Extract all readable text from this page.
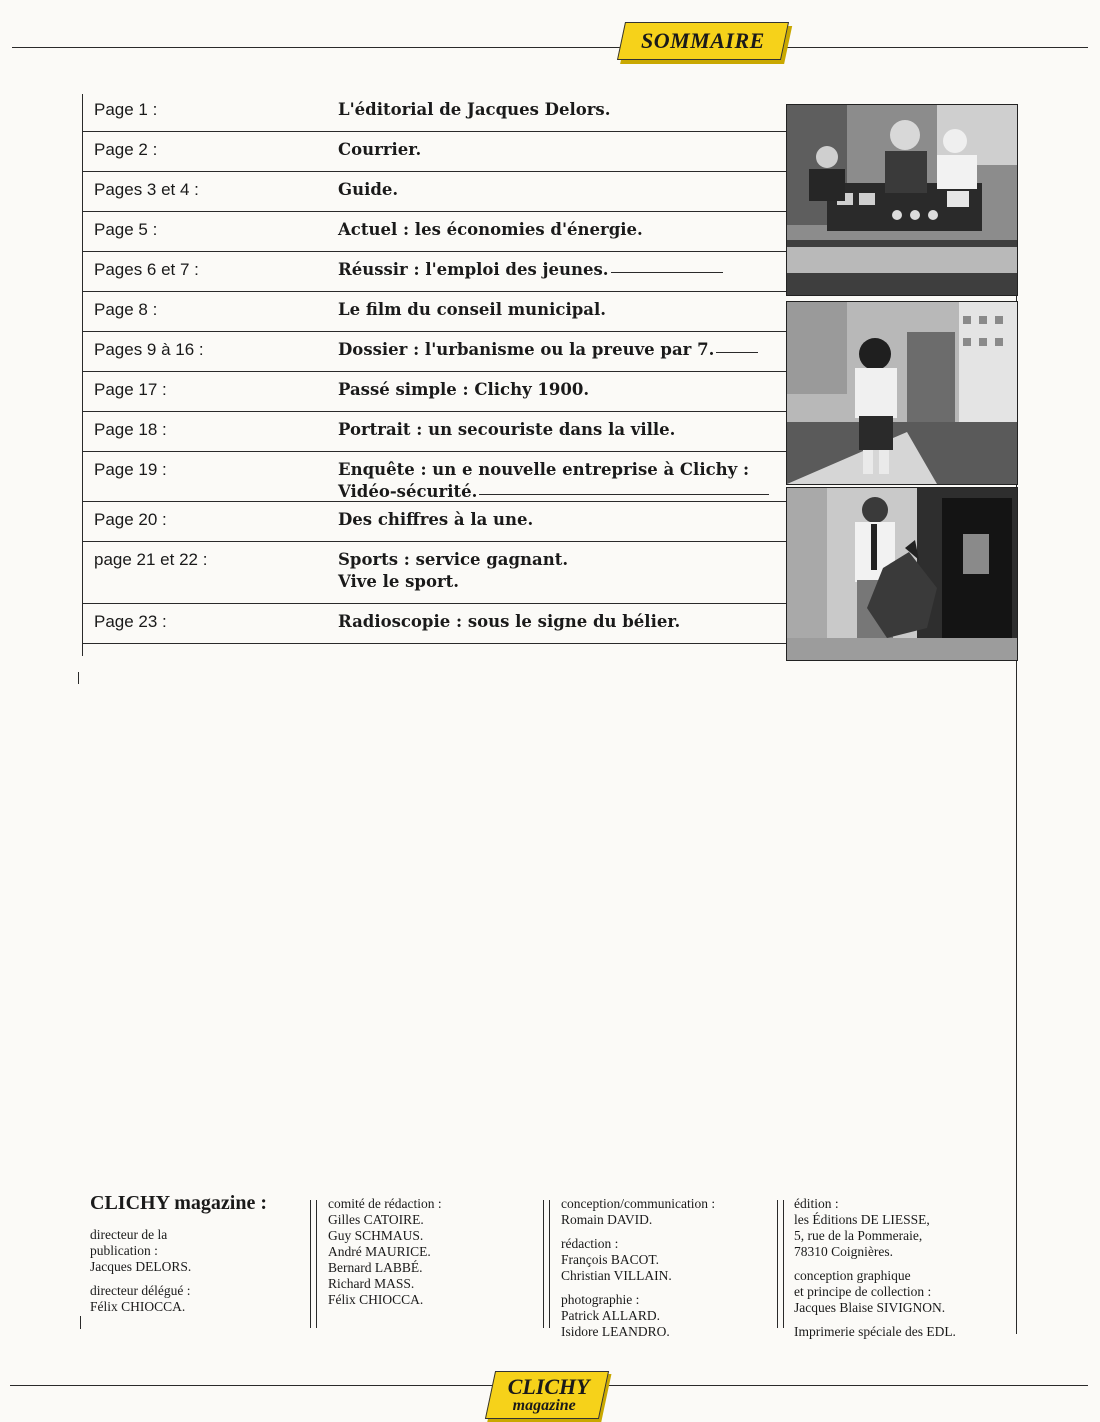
SOMMAIRE
Page 1 :	L'éditorial de Jacques Delors.
Page 2 :	Courrier.
Pages 3 et 4 :	Guide.
Page 5 :	Actuel : les économies d'énergie.
Pages 6 et 7 :	Réussir : l'emploi des jeunes.
Page 8 :	Le film du conseil municipal.
Pages 9 à 16 :	Dossier : l'urbanisme ou la preuve par 7.
Page 17 :	Passé simple : Clichy 1900.
Page 18 :	Portrait : un secouriste dans la ville.
Page 19 :	Enquête : un e nouvelle entreprise à Clichy :
Vidéo-sécurité.
Page 20 :	Des chiffres à la une.
page 21 et 22 :	Sports : service gagnant.
Vive le sport.
Page 23 :	Radioscopie : sous le signe du bélier.
CLICHY magazine :
directeur de la
publication :
Jacques DELORS.
directeur délégué :
Félix CHIOCCA.
comité de rédaction :
Gilles CATOIRE.
Guy SCHMAUS.
André MAURICE.
Bernard LABBÉ.
Richard MASS.
Félix CHIOCCA.
conception/communication :
Romain DAVID.
rédaction :
François BACOT.
Christian VILLAIN.
photographie :
Patrick ALLARD.
Isidore LEANDRO.
édition :
les Éditions DE LIESSE,
5, rue de la Pommeraie,
78310 Coignières.
conception graphique
et principe de collection :
Jacques Blaise SIVIGNON.
Imprimerie spéciale des EDL.
CLICHY
magazine
